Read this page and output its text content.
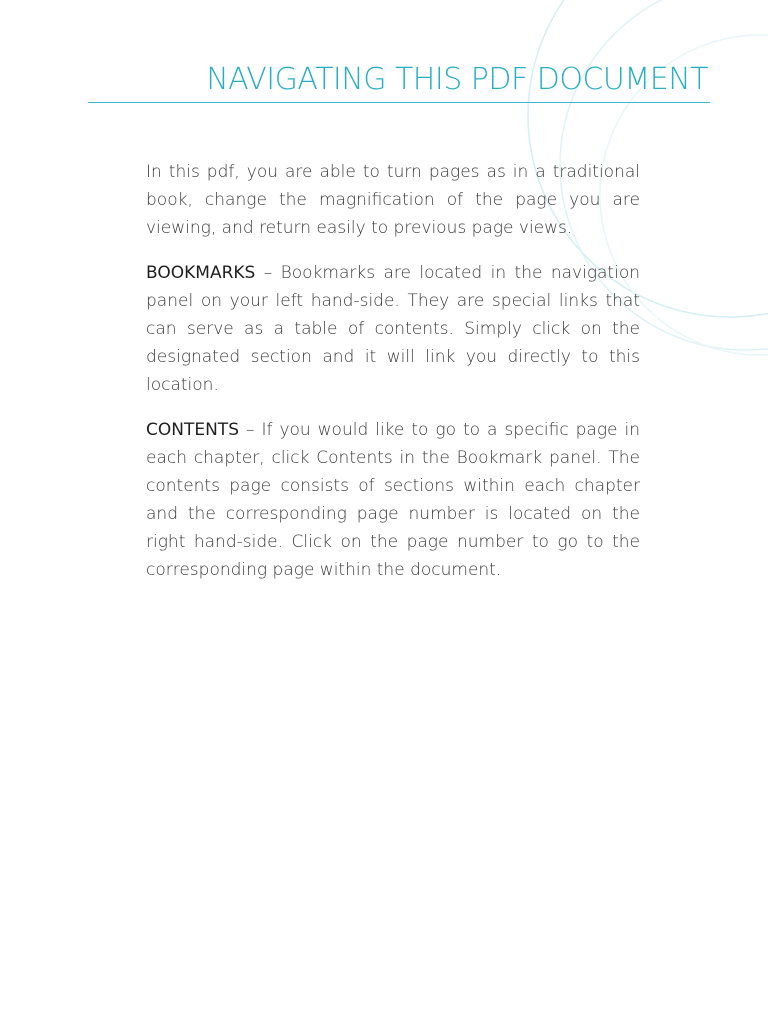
NAVIGATING THIS PDF DOCUMENT

In this pdf, you are able to turn pages as in a traditional book, change the magnification of the page you are viewing, and return easily to previous page views.

BOOKMARKS – Bookmarks are located in the navigation panel on your left hand-side. They are special links that can serve as a table of contents. Simply click on the designated section and it will link you directly to this location.

CONTENTS – If you would like to go to a specific page in each chapter, click Contents in the Bookmark panel. The contents page consists of sections within each chapter and the corresponding page number is located on the right hand-side. Click on the page number to go to the corresponding page within the document.
